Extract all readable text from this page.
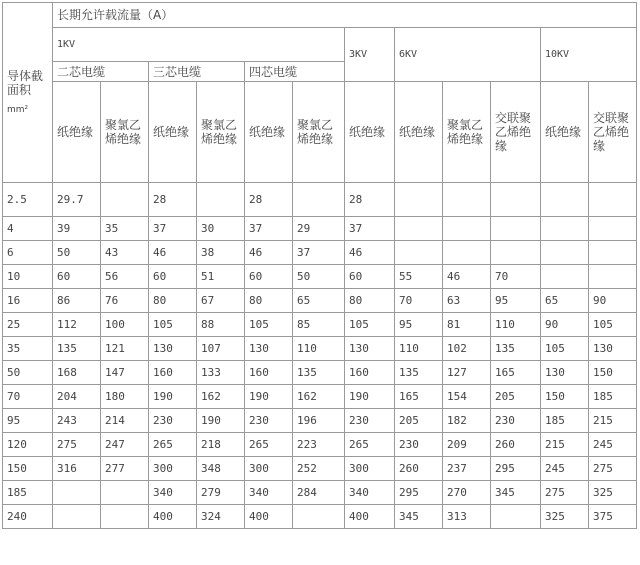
导体截
面积
mm²	长期允许载流量（A）											
	1KV						3KV	6KV			10KV	
	二芯电缆		三芯电缆		四芯电缆							
	纸绝缘	聚氯乙烯绝缘	纸绝缘	聚氯乙烯绝缘	纸绝缘	聚氯乙烯绝缘	纸绝缘	纸绝缘	聚氯乙烯绝缘	交联聚乙烯绝缘	纸绝缘	交联聚乙烯绝缘
2.5	29.7		28		28		28					
4	39	35	37	30	37	29	37					
6	50	43	46	38	46	37	46					
10	60	56	60	51	60	50	60	55	46	70		
16	86	76	80	67	80	65	80	70	63	95	65	90
25	112	100	105	88	105	85	105	95	81	110	90	105
35	135	121	130	107	130	110	130	110	102	135	105	130
50	168	147	160	133	160	135	160	135	127	165	130	150
70	204	180	190	162	190	162	190	165	154	205	150	185
95	243	214	230	190	230	196	230	205	182	230	185	215
120	275	247	265	218	265	223	265	230	209	260	215	245
150	316	277	300	348	300	252	300	260	237	295	245	275
185			340	279	340	284	340	295	270	345	275	325
240			400	324	400		400	345	313		325	375
